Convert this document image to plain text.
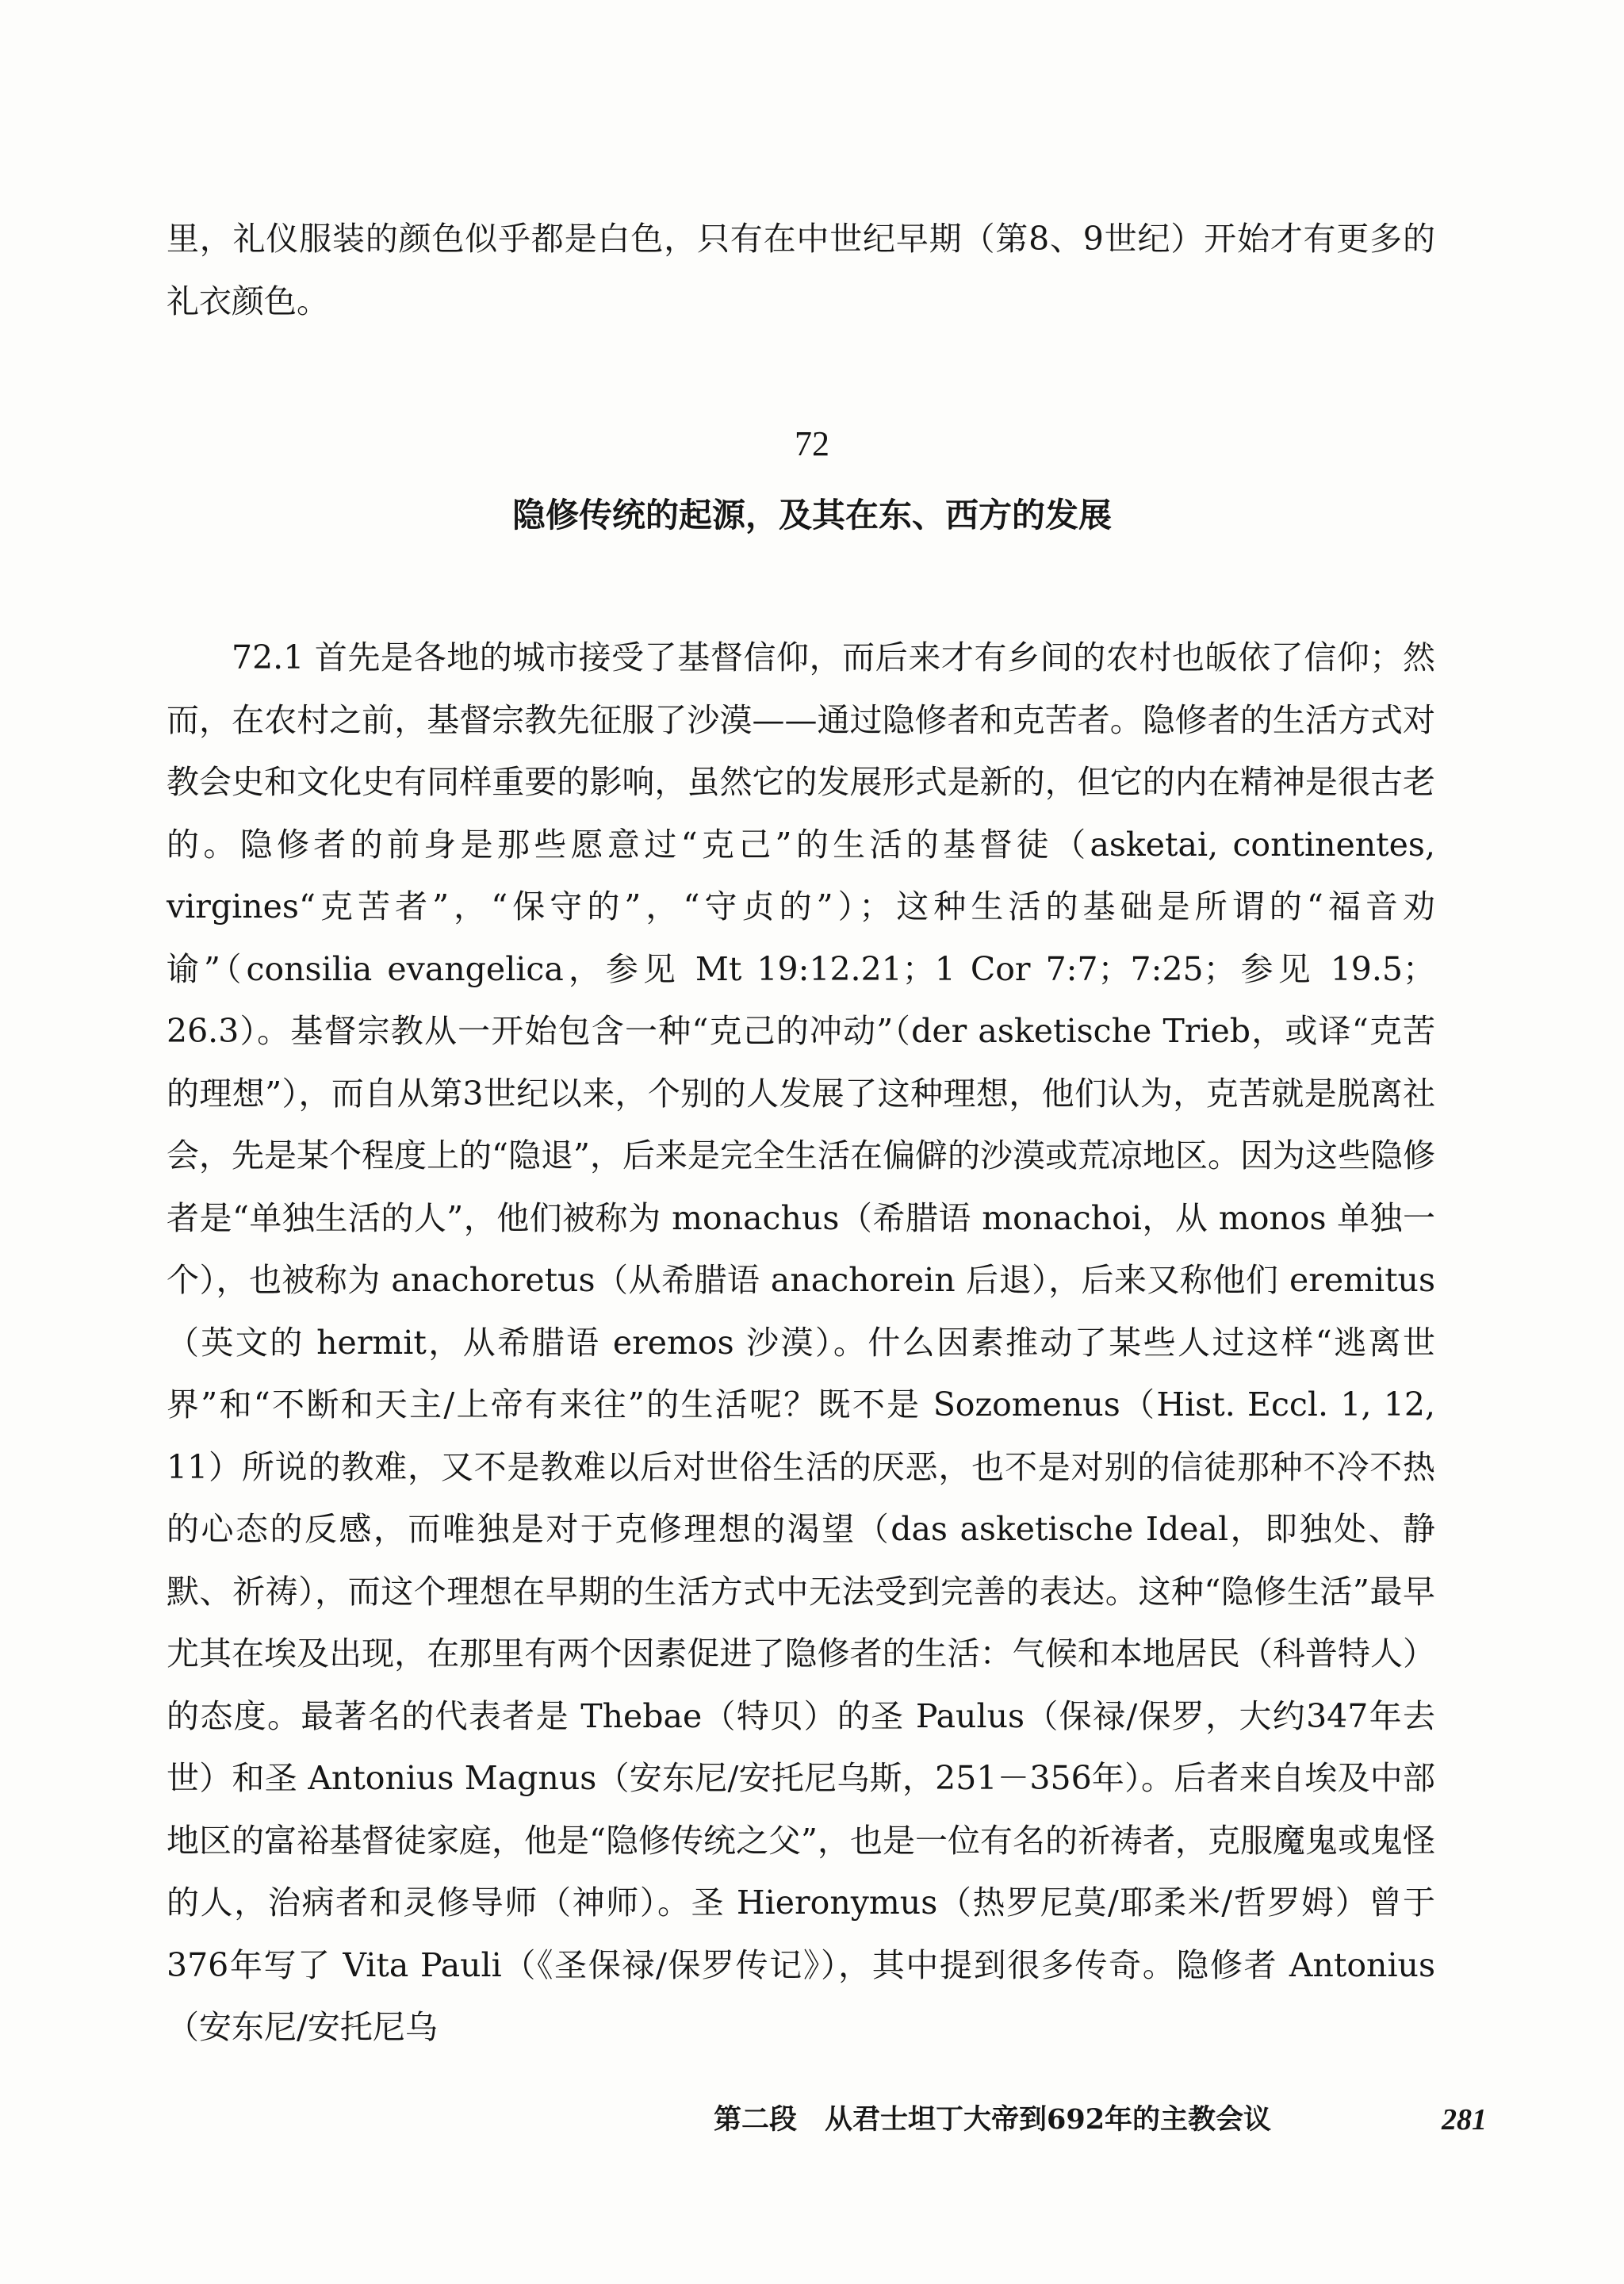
里，礼仪服装的颜色似乎都是白色，只有在中世纪早期（第8、9世纪）开始才有更多的礼衣颜色。

72
隐修传统的起源，及其在东、西方的发展

72.1 首先是各地的城市接受了基督信仰，而后来才有乡间的农村也皈依了信仰；然而，在农村之前，基督宗教先征服了沙漠——通过隐修者和克苦者。隐修者的生活方式对教会史和文化史有同样重要的影响，虽然它的发展形式是新的，但它的内在精神是很古老的。隐修者的前身是那些愿意过“克己”的生活的基督徒（asketai, continentes, virgines“克苦者”，“保守的”，“守贞的”）；这种生活的基础是所谓的“福音劝谕”（consilia evangelica，参见 Mt 19:12.21；1 Cor 7:7；7:25；参见 19.5；26.3）。基督宗教从一开始包含一种“克己的冲动”（der asketische Trieb，或译“克苦的理想”），而自从第3世纪以来，个别的人发展了这种理想，他们认为，克苦就是脱离社会，先是某个程度上的“隐退”，后来是完全生活在偏僻的沙漠或荒凉地区。因为这些隐修者是“单独生活的人”，他们被称为 monachus（希腊语 monachoi，从 monos 单独一个），也被称为 anachoretus（从希腊语 anachorein 后退），后来又称他们 eremitus（英文的 hermit，从希腊语 eremos 沙漠）。什么因素推动了某些人过这样“逃离世界”和“不断和天主/上帝有来往”的生活呢？既不是 Sozomenus（Hist. Eccl. 1, 12, 11）所说的教难，又不是教难以后对世俗生活的厌恶，也不是对别的信徒那种不冷不热的心态的反感，而唯独是对于克修理想的渴望（das asketische Ideal，即独处、静默、祈祷），而这个理想在早期的生活方式中无法受到完善的表达。这种“隐修生活”最早尤其在埃及出现，在那里有两个因素促进了隐修者的生活：气候和本地居民（科普特人）的态度。最著名的代表者是 Thebae（特贝）的圣 Paulus（保禄/保罗，大约347年去世）和圣 Antonius Magnus（安东尼/安托尼乌斯，251－356年）。后者来自埃及中部地区的富裕基督徒家庭，他是“隐修传统之父”，也是一位有名的祈祷者，克服魔鬼或鬼怪的人，治病者和灵修导师（神师）。圣 Hieronymus（热罗尼莫/耶柔米/哲罗姆）曾于376年写了 Vita Pauli（《圣保禄/保罗传记》），其中提到很多传奇。隐修者 Antonius（安东尼/安托尼乌

第二段　从君士坦丁大帝到692年的主教会议	281
